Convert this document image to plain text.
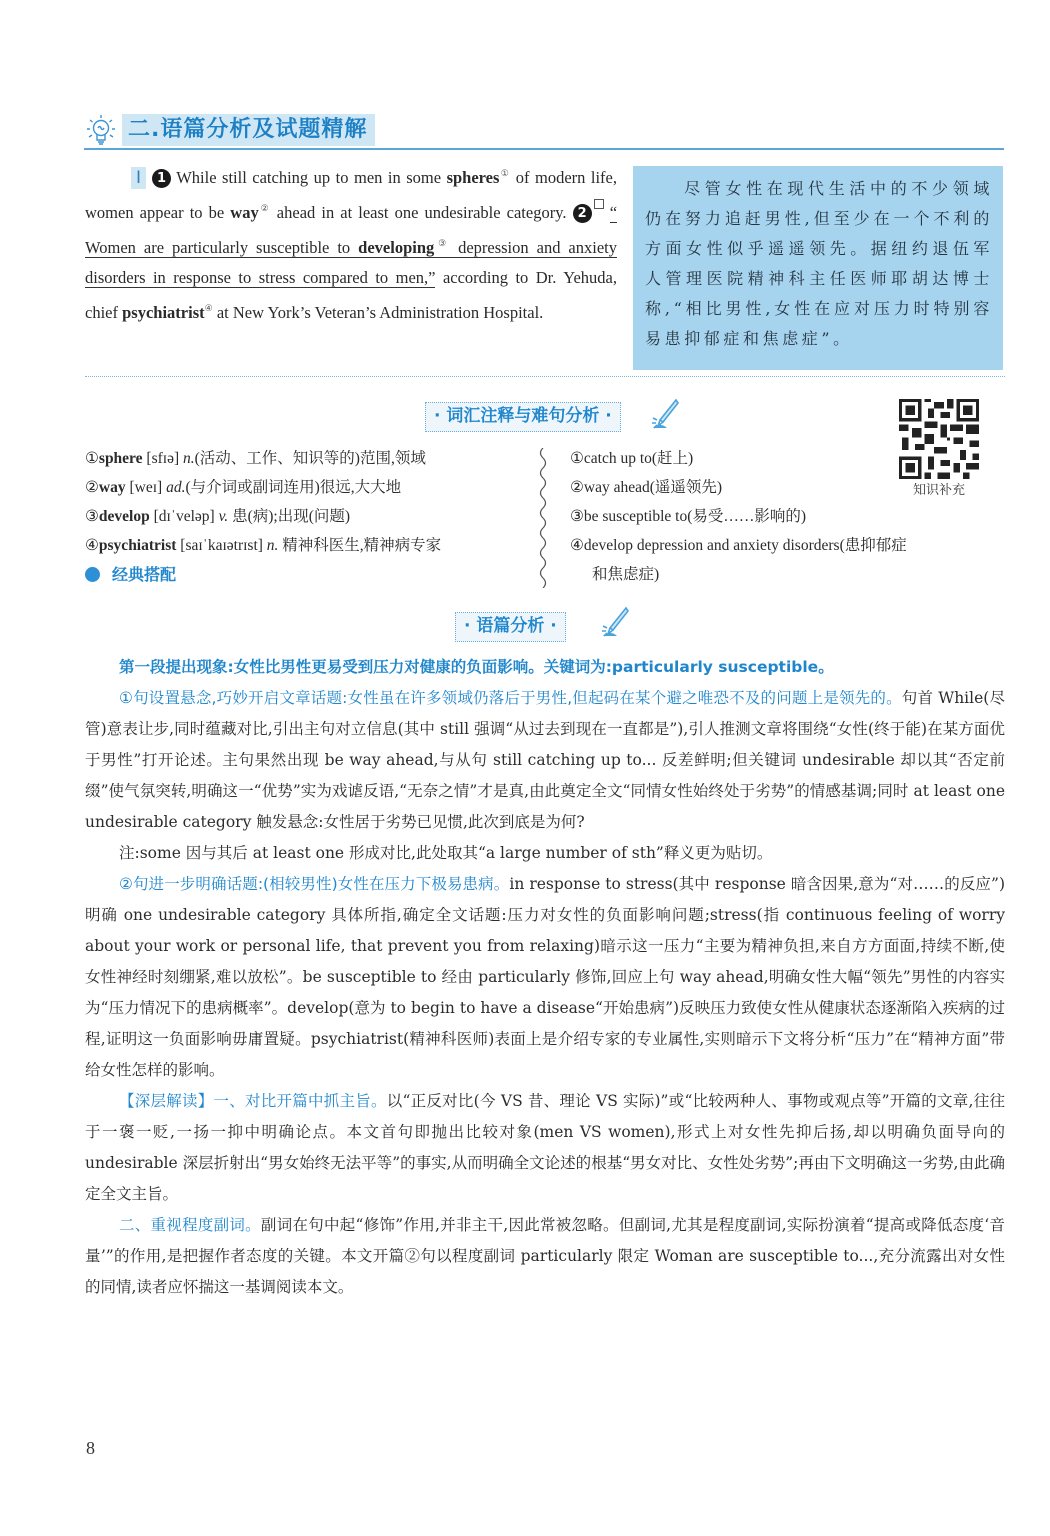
二.语篇分析及试题精解
Ⅰ 1 While still catching up to men in some spheres① of modern life, women appear to be way② ahead in at least one undesirable category. 2 “ Women are particularly susceptible to developing③ depression and anxiety disorders in response to stress compared to men,” according to Dr. Yehuda, chief psychiatrist④ at New York’s Veteran’s Administration Hospital.
尽管女性在现代生活中的不少领域仍在努力追赶男性,但至少在一个不利的方面女性似乎遥遥领先。据纽约退伍军人管理医院精神科主任医师耶胡达博士称,“相比男性,女性在应对压力时特别容易患抑郁症和焦虑症”。
· 词汇注释与难句分析 ·
①sphere [sfɪə] n.(活动、工作、知识等的)范围,领域
②way [weɪ] ad.(与介词或副词连用)很远,大大地
③develop [dɪˈveləp] v. 患(病);出现(问题)
④psychiatrist [saɪˈkaɪətrɪst] n. 精神科医生,精神病专家
经典搭配
①catch up to(赶上)
②way ahead(遥遥领先)
③be susceptible to(易受……影响的)
④develop depression and anxiety disorders(患抑郁症
和焦虑症)
知识补充
· 语篇分析 ·

第一段提出现象:女性比男性更易受到压力对健康的负面影响。关键词为:particularly susceptible。

①句设置悬念,巧妙开启文章话题:女性虽在许多领域仍落后于男性,但起码在某个避之唯恐不及的问题上是领先的。句首 While(尽管)意表让步,同时蕴藏对比,引出主句对立信息(其中 still 强调“从过去到现在一直都是”),引人推测文章将围绕“女性(终于能)在某方面优于男性”打开论述。主句果然出现 be way ahead,与从句 still catching up to... 反差鲜明;但关键词 undesirable 却以其“否定前缀”使气氛突转,明确这一“优势”实为戏谑反语,“无奈之情”才是真,由此奠定全文“同情女性始终处于劣势”的情感基调;同时 at least one undesirable category 触发悬念:女性居于劣势已见惯,此次到底是为何?

注:some 因与其后 at least one 形成对比,此处取其“a large number of sth”释义更为贴切。

②句进一步明确话题:(相较男性)女性在压力下极易患病。in response to stress(其中 response 暗含因果,意为“对……的反应”)明确 one undesirable category 具体所指,确定全文话题:压力对女性的负面影响问题;stress(指 continuous feeling of worry about your work or personal life, that prevent you from relaxing)暗示这一压力“主要为精神负担,来自方方面面,持续不断,使女性神经时刻绷紧,难以放松”。be susceptible to 经由 particularly 修饰,回应上句 way ahead,明确女性大幅“领先”男性的内容实为“压力情况下的患病概率”。develop(意为 to begin to have a disease“开始患病”)反映压力致使女性从健康状态逐渐陷入疾病的过程,证明这一负面影响毋庸置疑。psychiatrist(精神科医师)表面上是介绍专家的专业属性,实则暗示下文将分析“压力”在“精神方面”带给女性怎样的影响。

【深层解读】一、对比开篇中抓主旨。以“正反对比(今 VS 昔、理论 VS 实际)”或“比较两种人、事物或观点等”开篇的文章,往往于一褒一贬,一扬一抑中明确论点。本文首句即抛出比较对象(men VS women),形式上对女性先抑后扬,却以明确负面导向的 undesirable 深层折射出“男女始终无法平等”的事实,从而明确全文论述的根基“男女对比、女性处劣势”;再由下文明确这一劣势,由此确定全文主旨。

二、重视程度副词。副词在句中起“修饰”作用,并非主干,因此常被忽略。但副词,尤其是程度副词,实际扮演着“提高或降低态度‘音量’”的作用,是把握作者态度的关键。本文开篇②句以程度副词 particularly 限定 Woman are susceptible to...,充分流露出对女性的同情,读者应怀揣这一基调阅读本文。

8
